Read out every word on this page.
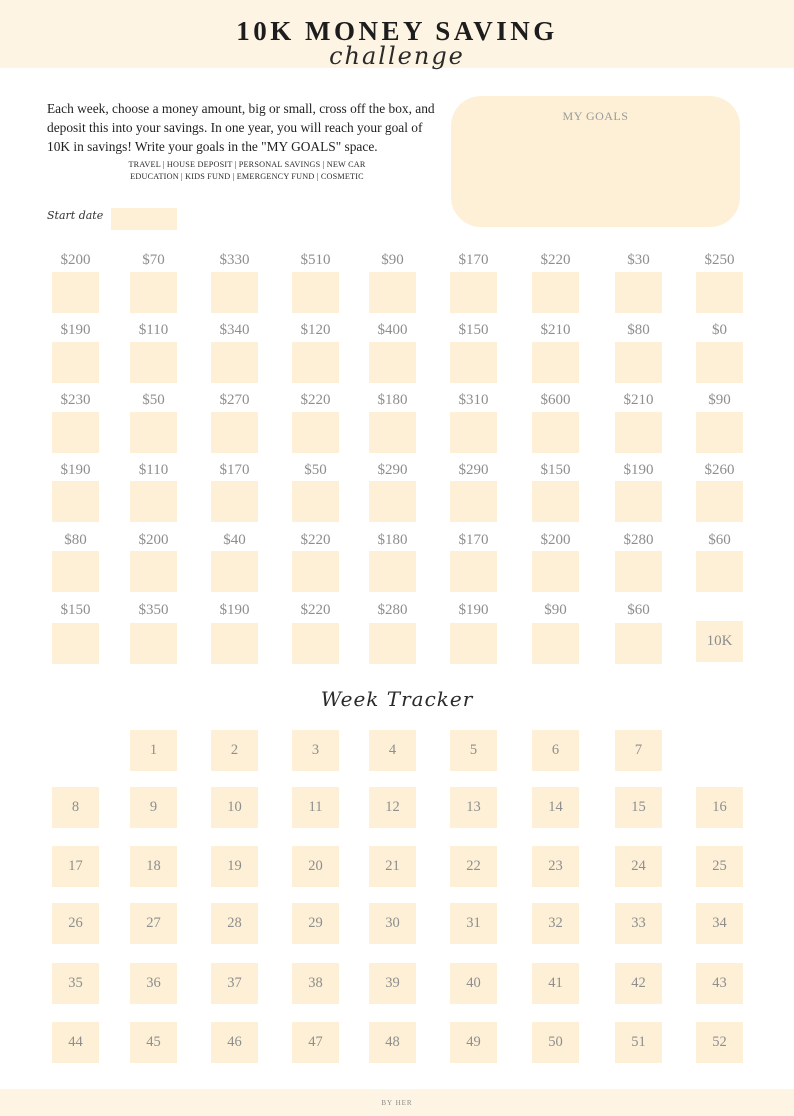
10K MONEY SAVING
challenge
Each week, choose a money amount, big or small, cross off the box, and deposit this into your savings. In one year, you will reach your goal of 10K in savings! Write your goals in the "MY GOALS" space.
TRAVEL | HOUSE DEPOSIT | PERSONAL SAVINGS | NEW CAR
EDUCATION | KIDS FUND | EMERGENCY FUND | COSMETIC
MY GOALS
Start date
$200	$70	$330	$510	$90	$170	$220	$30	$250
$190	$110	$340	$120	$400	$150	$210	$80	$0
$230	$50	$270	$220	$180	$310	$600	$210	$90
$190	$110	$170	$50	$290	$290	$150	$190	$260
$80	$200	$40	$220	$180	$170	$200	$280	$60
$150	$350	$190	$220	$280	$190	$90	$60
10K
Week Tracker
1	2	3	4	5	6	7
8	9	10	11	12	13	14	15	16
17	18	19	20	21	22	23	24	25
26	27	28	29	30	31	32	33	34
35	36	37	38	39	40	41	42	43
44	45	46	47	48	49	50	51	52
BY HER
